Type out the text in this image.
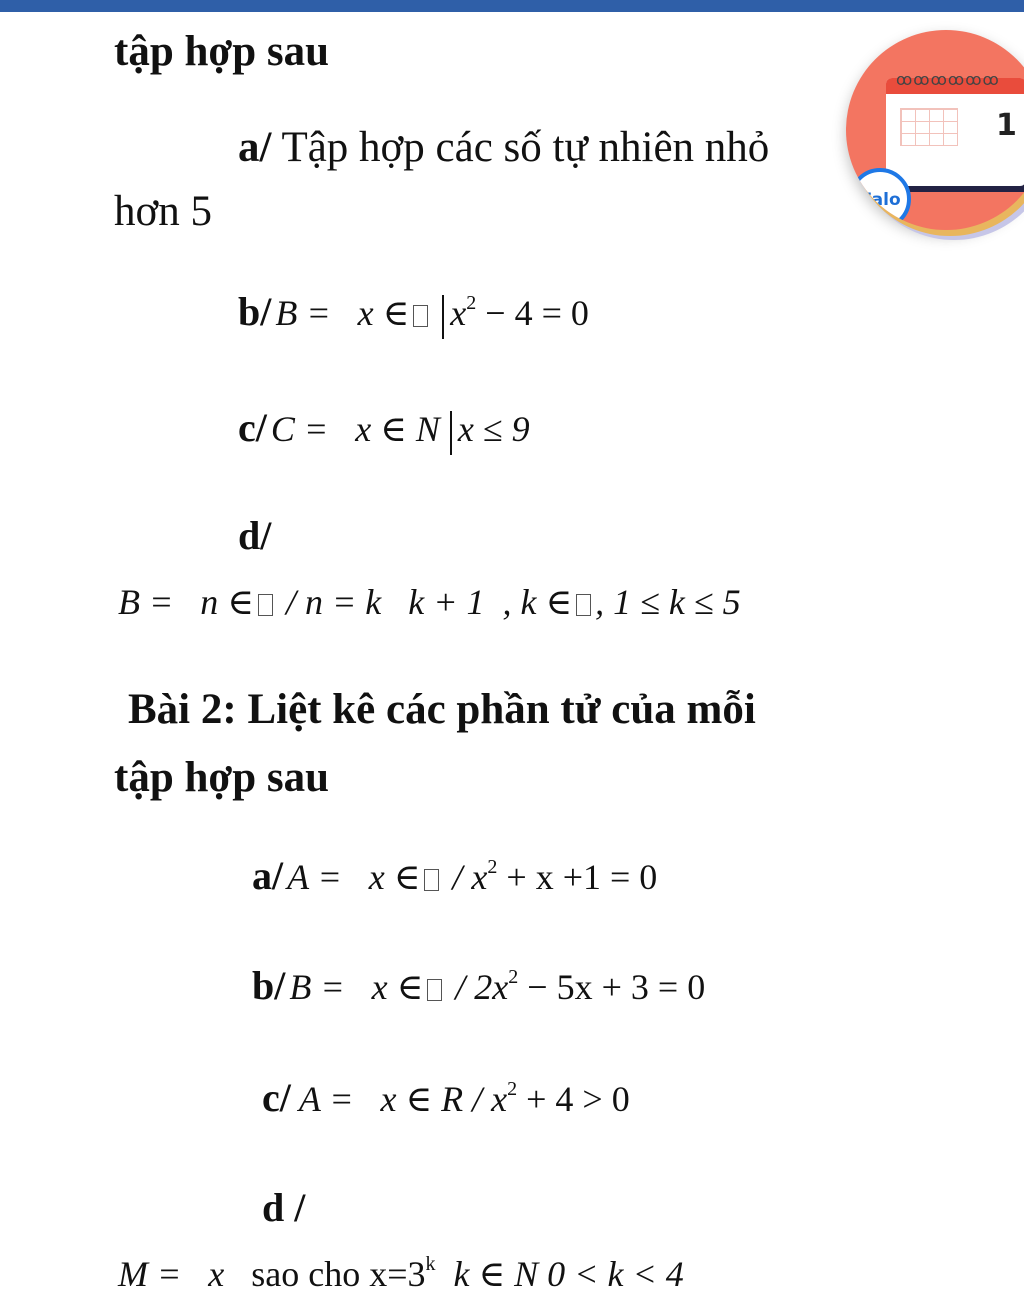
tập hợp sau
a/ Tập hợp các số tự nhiên nhỏ
hơn 5
b/ B = x ∈ $x^2 - 4 = 0$
c/ C = x ∈ N x ≤ 9
d/
B = n ∈ / n = k k + 1 , k ∈ , 1 ≤ k ≤ 5
Bài 2: Liệt kê các phần tử của mỗi
tập hợp sau
a/ A = x ∈ / $x^2 + x +1 = 0$
b/ B = x ∈ / $2x^2 - 5x + 3 = 0$
c/ A = x ∈ $R / x^2 + 4 > 0$
d /
M = x sao cho $x=3^k$ k ∈ N 0 < k < 4
ꝏꝏꝏꝏꝏꝏ
1
Zalo
